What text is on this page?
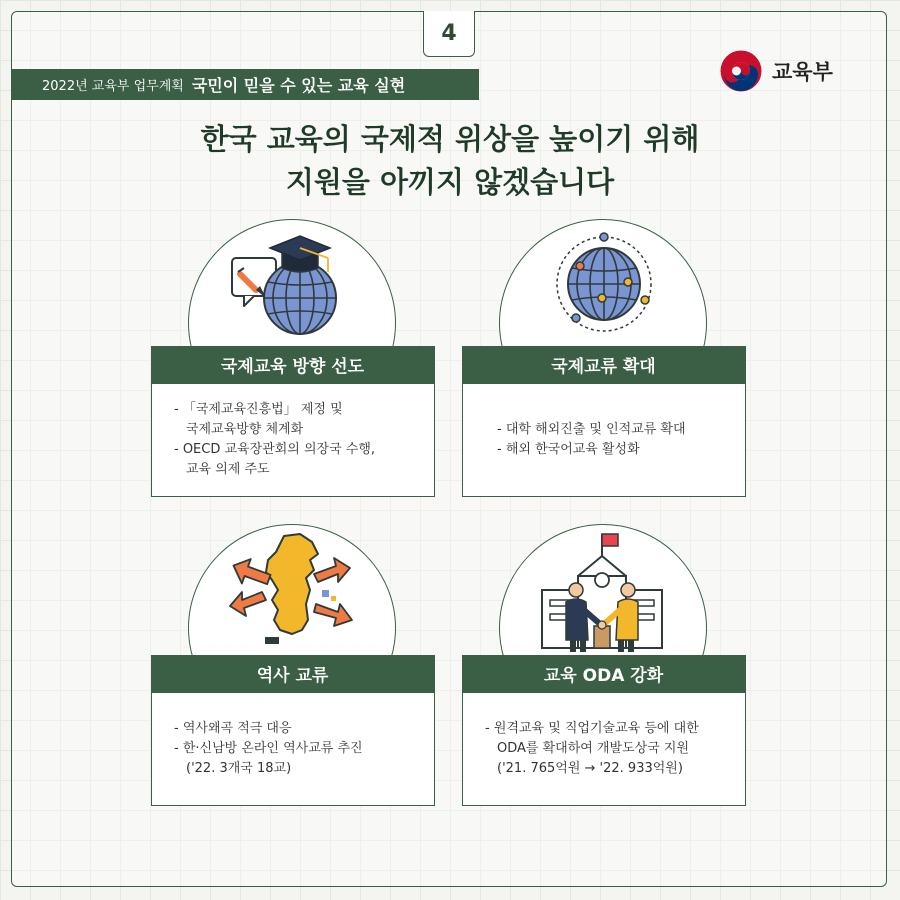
4
2022년 교육부 업무계획 국민이 믿을 수 있는 교육 실현
교육부
한국 교육의 국제적 위상을 높이기 위해
지원을 아끼지 않겠습니다
국제교육 방향 선도
- 「국제교육진흥법」 제정 및
국제교육방향 체계화
- OECD 교육장관회의 의장국 수행,
교육 의제 주도
국제교류 확대
- 대학 해외진출 및 인적교류 확대
- 해외 한국어교육 활성화
역사 교류
- 역사왜곡 적극 대응
- 한·신남방 온라인 역사교류 추진
('22. 3개국 18교)
교육 ODA 강화
- 원격교육 및 직업기술교육 등에 대한
ODA를 확대하여 개발도상국 지원
('21. 765억원 → '22. 933억원)
